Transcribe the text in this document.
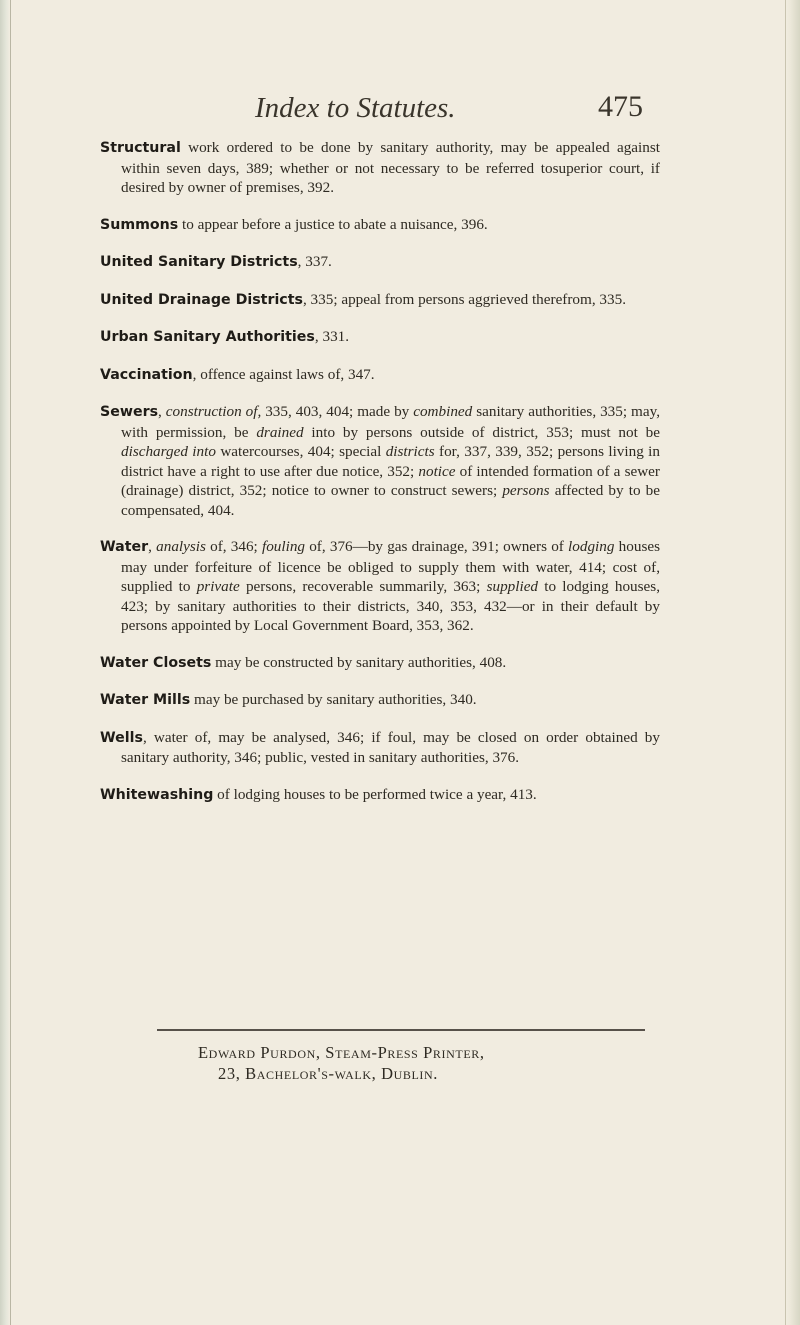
Index to Statutes.	475

Structural work ordered to be done by sanitary authority, may be appealed against within seven days, 389; whether or not necessary to be referred tosuperior court, if desired by owner of premises, 392.

Summons to appear before a justice to abate a nuisance, 396.

United Sanitary Districts, 337.

United Drainage Districts, 335; appeal from persons aggrieved therefrom, 335.

Urban Sanitary Authorities, 331.

Vaccination, offence against laws of, 347.

Sewers, construction of, 335, 403, 404; made by combined sanitary authorities, 335; may, with permission, be drained into by persons outside of district, 353; must not be discharged into watercourses, 404; special districts for, 337, 339, 352; persons living in district have a right to use after due notice, 352; notice of intended formation of a sewer (drainage) district, 352; notice to owner to construct sewers; persons affected by to be compensated, 404.

Water, analysis of, 346; fouling of, 376—by gas drainage, 391; owners of lodging houses may under forfeiture of licence be obliged to supply them with water, 414; cost of, supplied to private persons, recoverable summarily, 363; supplied to lodging houses, 423; by sanitary authorities to their districts, 340, 353, 432—or in their default by persons appointed by Local Government Board, 353, 362.

Water Closets may be constructed by sanitary authorities, 408.

Water Mills may be purchased by sanitary authorities, 340.

Wells, water of, may be analysed, 346; if foul, may be closed on order obtained by sanitary authority, 346; public, vested in sanitary authorities, 376.

Whitewashing of lodging houses to be performed twice a year, 413.

Edward Purdon, Steam-Press Printer,
23, Bachelor's-walk, Dublin.
